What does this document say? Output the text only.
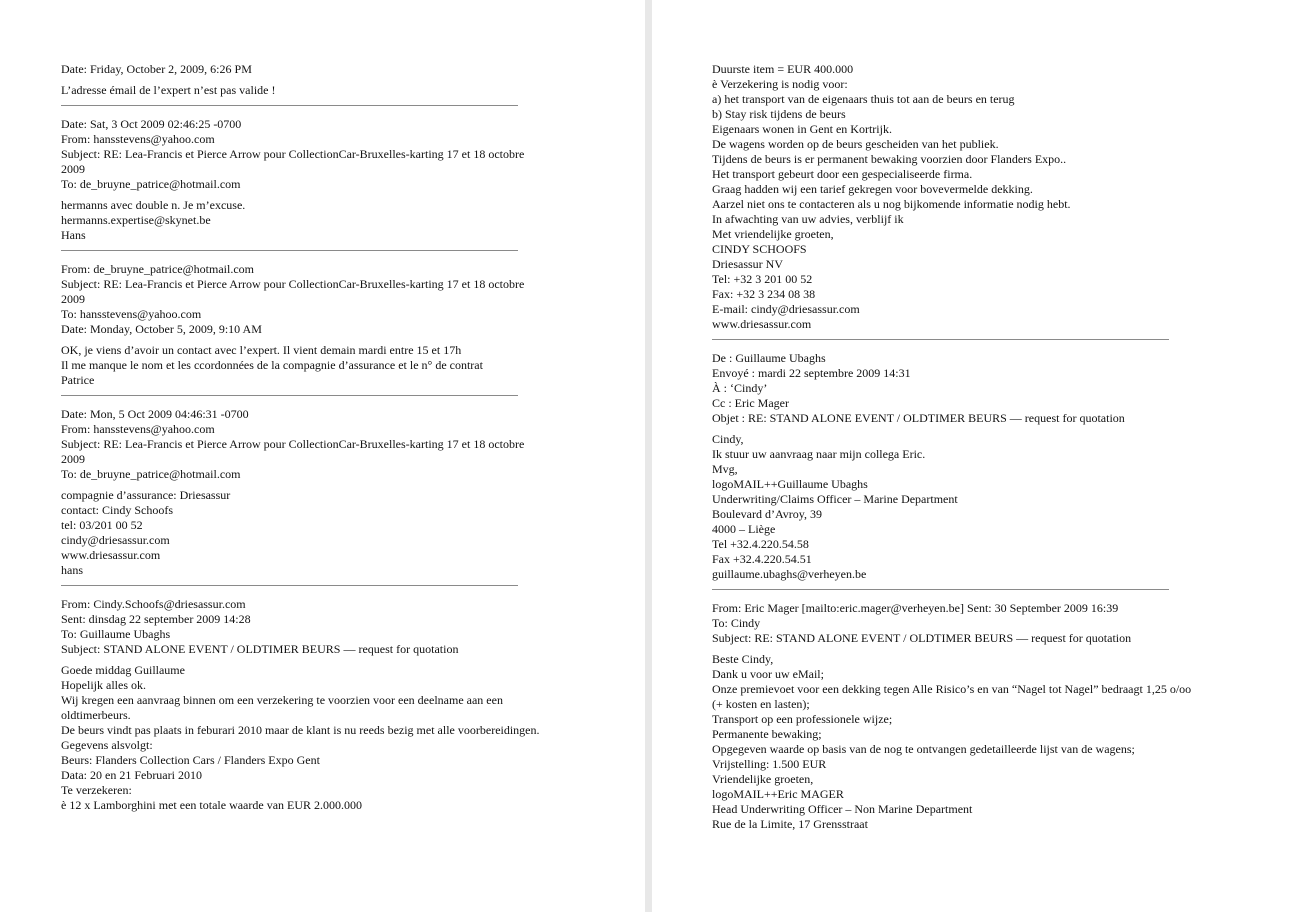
Date: Friday, October 2, 2009, 6:26 PM
L’adresse émail de l’expert n’est pas valide !
Date: Sat, 3 Oct 2009 02:46:25 -0700
From: hansstevens@yahoo.com
Subject: RE: Lea-Francis et Pierce Arrow pour CollectionCar-Bruxelles-karting 17 et 18 octobre
2009
To: de_bruyne_patrice@hotmail.com
hermanns avec double n. Je m’excuse.
hermanns.expertise@skynet.be
Hans
From: de_bruyne_patrice@hotmail.com
Subject: RE: Lea-Francis et Pierce Arrow pour CollectionCar-Bruxelles-karting 17 et 18 octobre
2009
To: hansstevens@yahoo.com
Date: Monday, October 5, 2009, 9:10 AM
OK, je viens d’avoir un contact avec l’expert. Il vient demain mardi entre 15 et 17h
Il me manque le nom et les ccordonnées de la compagnie d’assurance et le n° de contrat
Patrice
Date: Mon, 5 Oct 2009 04:46:31 -0700
From: hansstevens@yahoo.com
Subject: RE: Lea-Francis et Pierce Arrow pour CollectionCar-Bruxelles-karting 17 et 18 octobre
2009
To: de_bruyne_patrice@hotmail.com
compagnie d’assurance: Driesassur
contact: Cindy Schoofs
tel: 03/201 00 52
cindy@driesassur.com
www.driesassur.com
hans
From: Cindy.Schoofs@driesassur.com
Sent: dinsdag 22 september 2009 14:28
To: Guillaume Ubaghs
Subject: STAND ALONE EVENT / OLDTIMER BEURS — request for quotation
Goede middag Guillaume
Hopelijk alles ok.
Wij kregen een aanvraag binnen om een verzekering te voorzien voor een deelname aan een
oldtimerbeurs.
De beurs vindt pas plaats in feburari 2010 maar de klant is nu reeds bezig met alle voorbereidingen.
Gegevens alsvolgt:
Beurs: Flanders Collection Cars / Flanders Expo Gent
Data: 20 en 21 Februari 2010
Te verzekeren:
è 12 x Lamborghini met een totale waarde van EUR 2.000.000
Duurste item = EUR 400.000
è Verzekering is nodig voor:
a) het transport van de eigenaars thuis tot aan de beurs en terug
b) Stay risk tijdens de beurs
Eigenaars wonen in Gent en Kortrijk.
De wagens worden op de beurs gescheiden van het publiek.
Tijdens de beurs is er permanent bewaking voorzien door Flanders Expo..
Het transport gebeurt door een gespecialiseerde firma.
Graag hadden wij een tarief gekregen voor bovevermelde dekking.
Aarzel niet ons te contacteren als u nog bijkomende informatie nodig hebt.
In afwachting van uw advies, verblijf ik
Met vriendelijke groeten,
CINDY SCHOOFS
Driesassur NV
Tel: +32 3 201 00 52
Fax: +32 3 234 08 38
E-mail: cindy@driesassur.com
www.driesassur.com
De : Guillaume Ubaghs
Envoyé : mardi 22 septembre 2009 14:31
À : ‘Cindy’
Cc : Eric Mager
Objet : RE: STAND ALONE EVENT / OLDTIMER BEURS — request for quotation
Cindy,
Ik stuur uw aanvraag naar mijn collega Eric.
Mvg,
logoMAIL++Guillaume Ubaghs
Underwriting/Claims Officer – Marine Department
Boulevard d’Avroy, 39
4000 – Liège
Tel +32.4.220.54.58
Fax +32.4.220.54.51
guillaume.ubaghs@verheyen.be
From: Eric Mager [mailto:eric.mager@verheyen.be] Sent: 30 September 2009 16:39
To: Cindy
Subject: RE: STAND ALONE EVENT / OLDTIMER BEURS — request for quotation
Beste Cindy,
Dank u voor uw eMail;
Onze premievoet voor een dekking tegen Alle Risico’s en van “Nagel tot Nagel” bedraagt 1,25 o/oo
(+ kosten en lasten);
Transport op een professionele wijze;
Permanente bewaking;
Opgegeven waarde op basis van de nog te ontvangen gedetailleerde lijst van de wagens;
Vrijstelling: 1.500 EUR
Vriendelijke groeten,
logoMAIL++Eric MAGER
Head Underwriting Officer – Non Marine Department
Rue de la Limite, 17 Grensstraat
